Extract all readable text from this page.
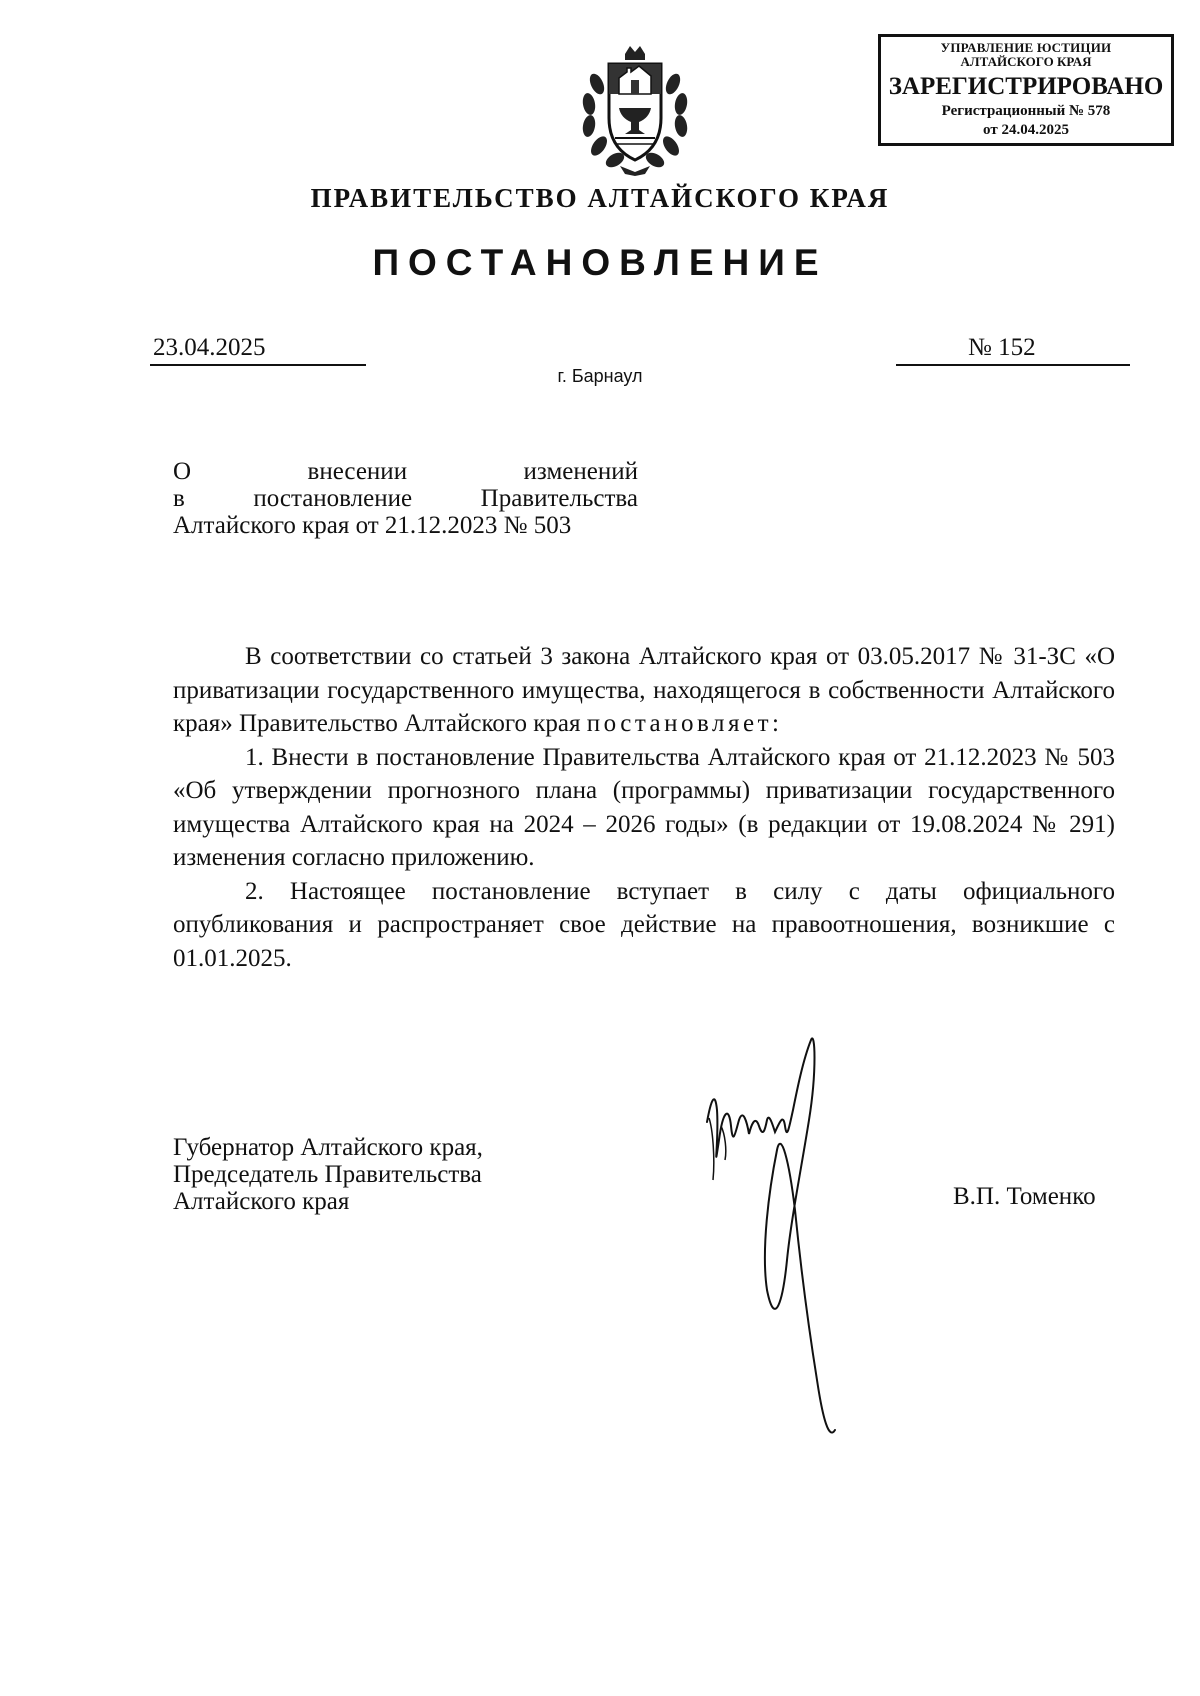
УПРАВЛЕНИЕ ЮСТИЦИИ
АЛТАЙСКОГО КРАЯ
ЗАРЕГИСТРИРОВАНО
Регистрационный № 578
от 24.04.2025
ПРАВИТЕЛЬСТВО АЛТАЙСКОГО КРАЯ
ПОСТАНОВЛЕНИЕ
23.04.2025	№ 152
г. Барнаул
О	внесении	изменений
в	постановление	Правительства
Алтайского края от 21.12.2023 № 503

В соответствии со статьей 3 закона Алтайского края от 03.05.2017 № 31-ЗС «О приватизации государственного имущества, находящегося в собственности Алтайского края» Правительство Алтайского края постановляет:

1. Внести в постановление Правительства Алтайского края от 21.12.2023 № 503 «Об утверждении прогнозного плана (программы) приватизации государственного имущества Алтайского края на 2024 – 2026 годы» (в редакции от 19.08.2024 № 291) изменения согласно приложению.

2. Настоящее постановление вступает в силу с даты официального опубликования и распространяет свое действие на правоотношения, возникшие с 01.01.2025.

Губернатор Алтайского края,
Председатель Правительства
Алтайского края	В.П. Томенко
